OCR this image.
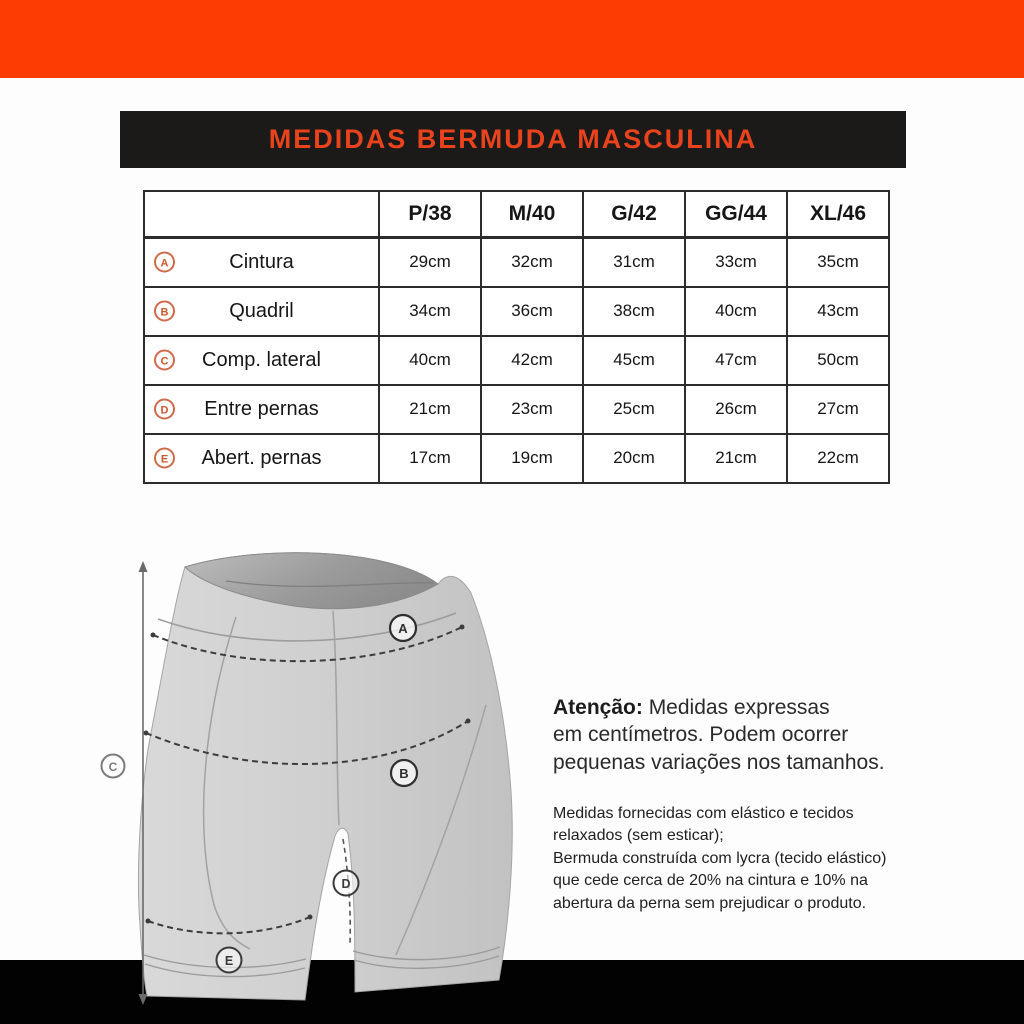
MEDIDAS BERMUDA MASCULINA
	P/38	M/40	G/42	GG/44	XL/46

A Cintura	29cm	32cm	31cm	33cm	35cm

B Quadril	34cm	36cm	38cm	40cm	43cm

C Comp. lateral	40cm	42cm	45cm	47cm	50cm

D Entre pernas	21cm	23cm	25cm	26cm	27cm

E Abert. pernas	17cm	19cm	20cm	21cm	22cm
A
B
C
D
E
Atenção: Medidas expressas
em centímetros. Podem ocorrer
pequenas variações nos tamanhos.
Medidas fornecidas com elástico e tecidos
relaxados (sem esticar);
Bermuda construída com lycra (tecido elástico)
que cede cerca de 20% na cintura e 10% na
abertura da perna sem prejudicar o produto.
